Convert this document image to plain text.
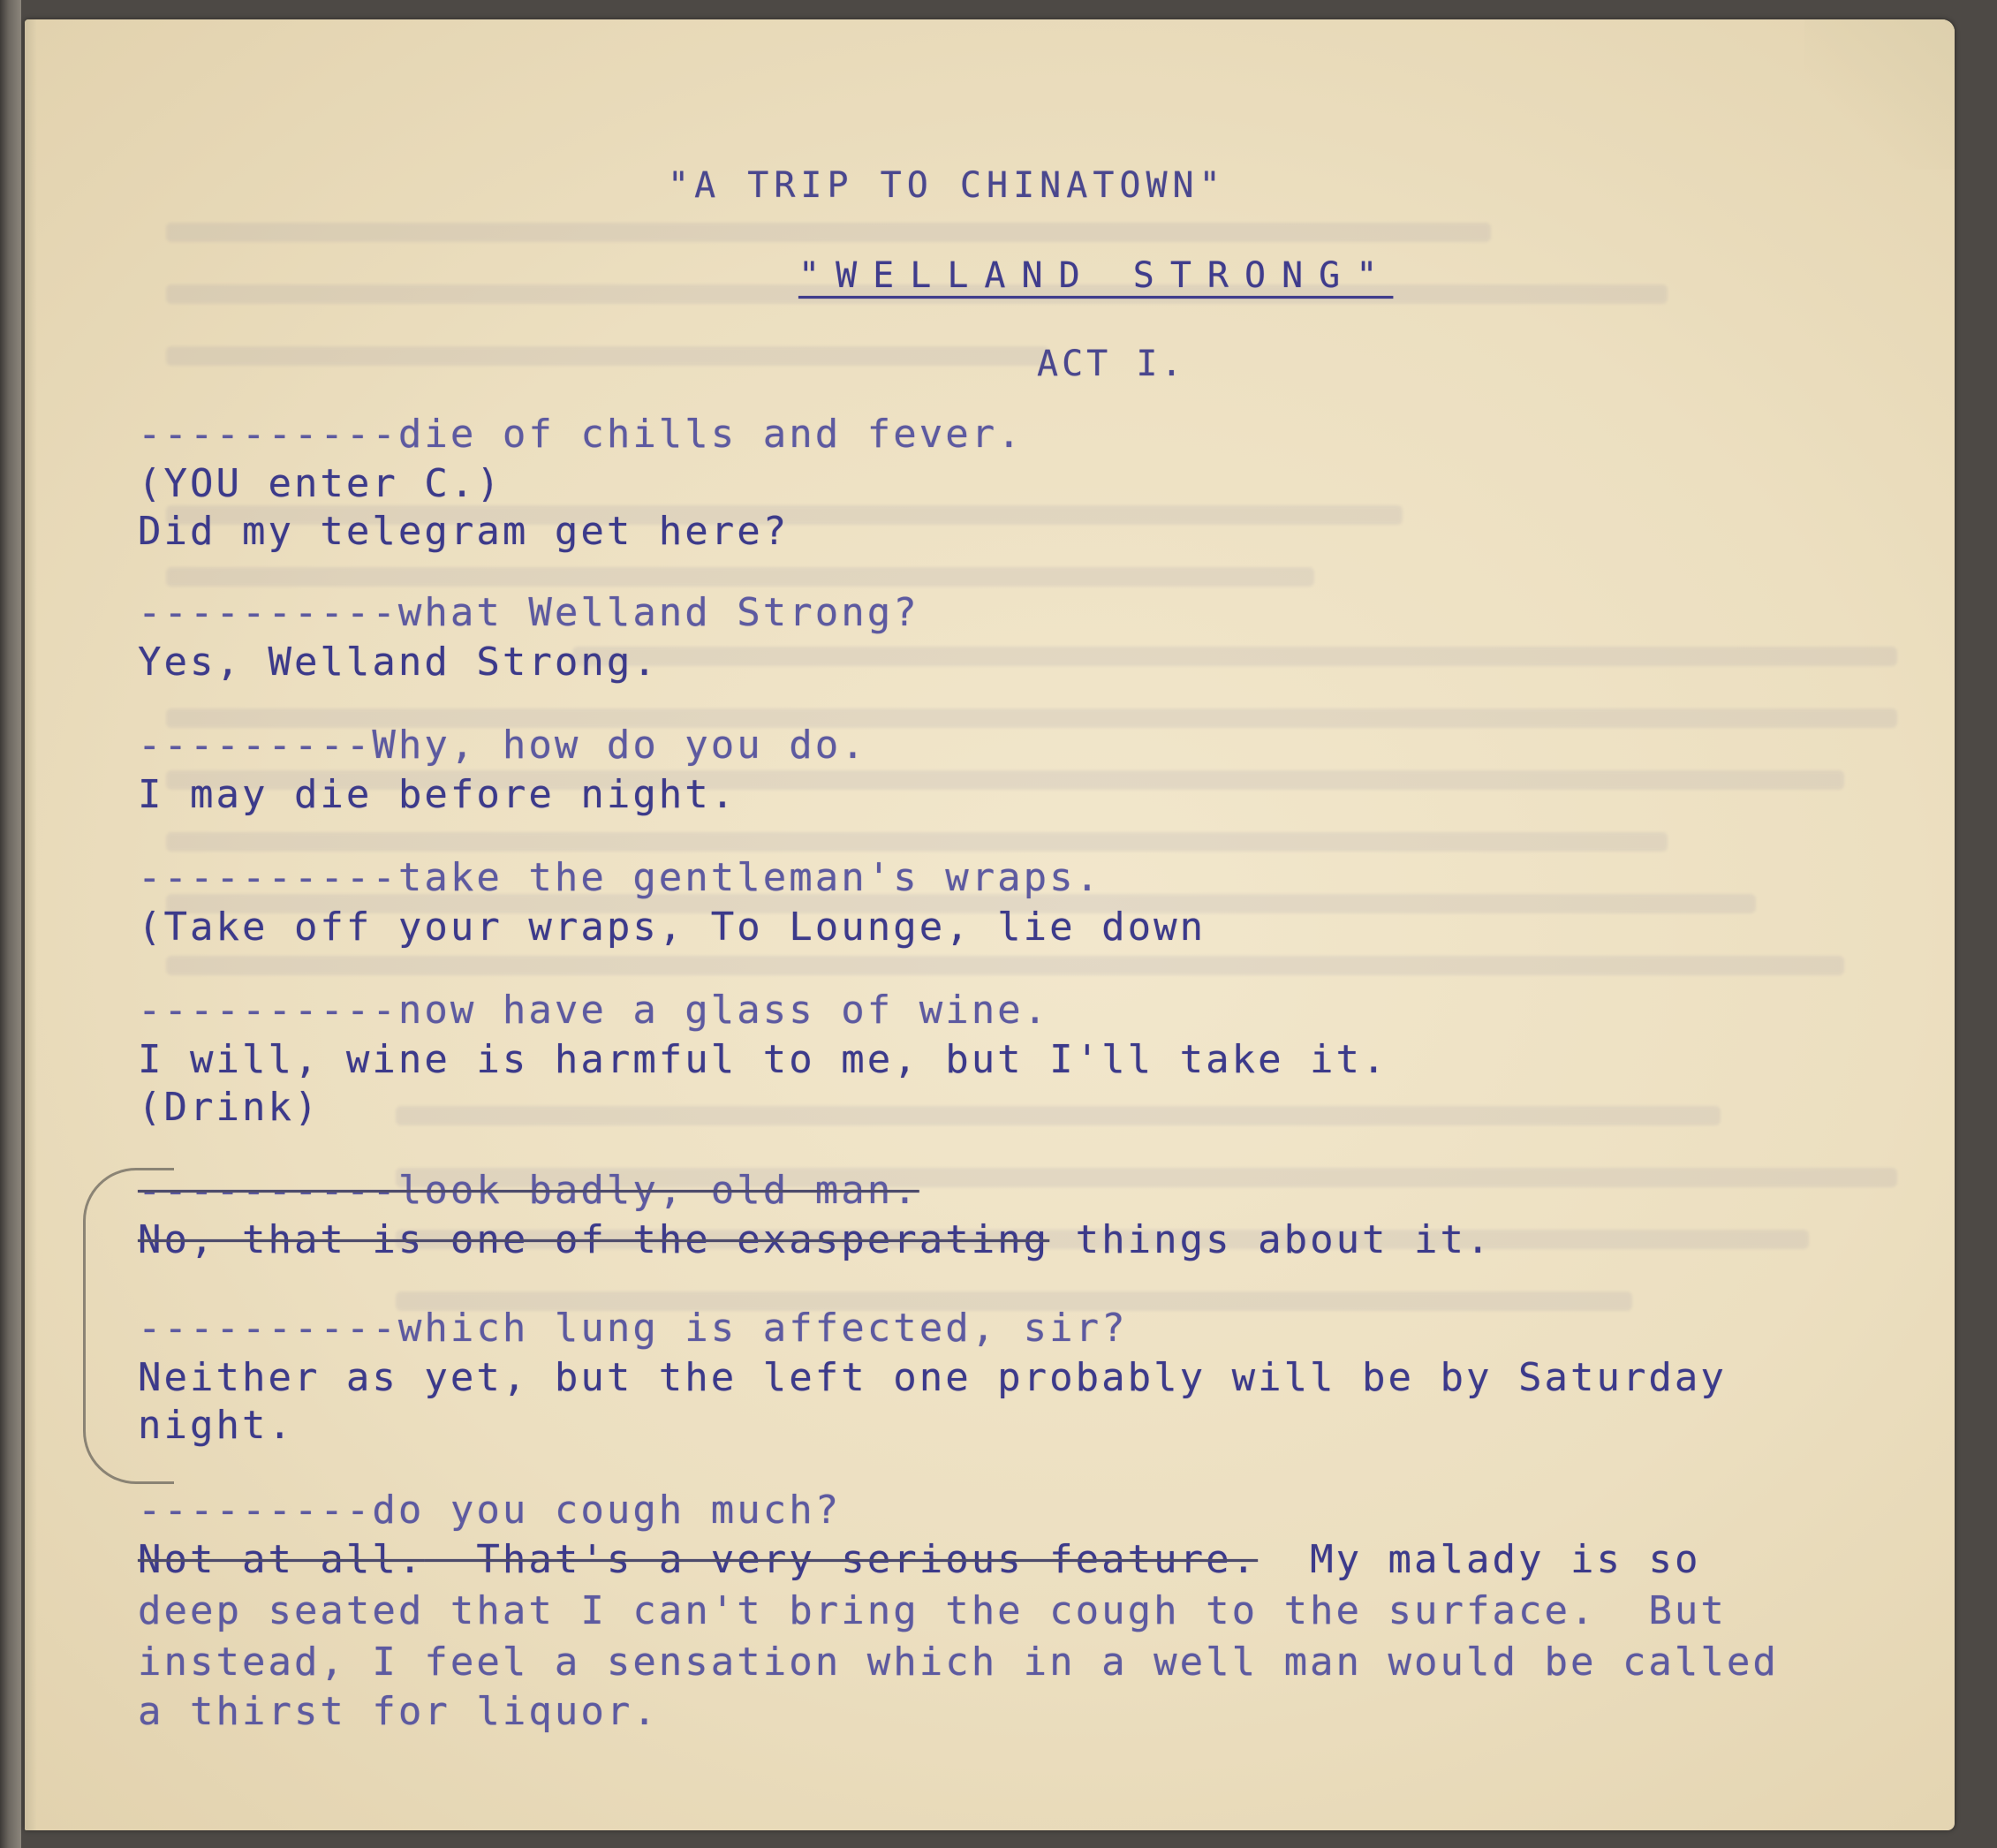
"A TRIP TO CHINATOWN"
"WELLAND STRONG"
ACT I.
----------die of chills and fever.
(YOU enter C.)
Did my telegram get here?
----------what Welland Strong?
Yes, Welland Strong.
---------Why, how do you do.
I may die before night.
----------take the gentleman's wraps.
(Take off your wraps, To Lounge, lie down
----------now have a glass of wine.
I will, wine is harmful to me, but I'll take it.
(Drink)
----------look badly, old man.
No, that is one of the exasperating things about it.
----------which lung is affected, sir?
Neither as yet, but the left one probably will be by Saturday
night.
---------do you cough much?
Not at all.  That's a very serious feature.  My malady is so
deep seated that I can't bring the cough to the surface.  But
instead, I feel a sensation which in a well man would be called
a thirst for liquor.
